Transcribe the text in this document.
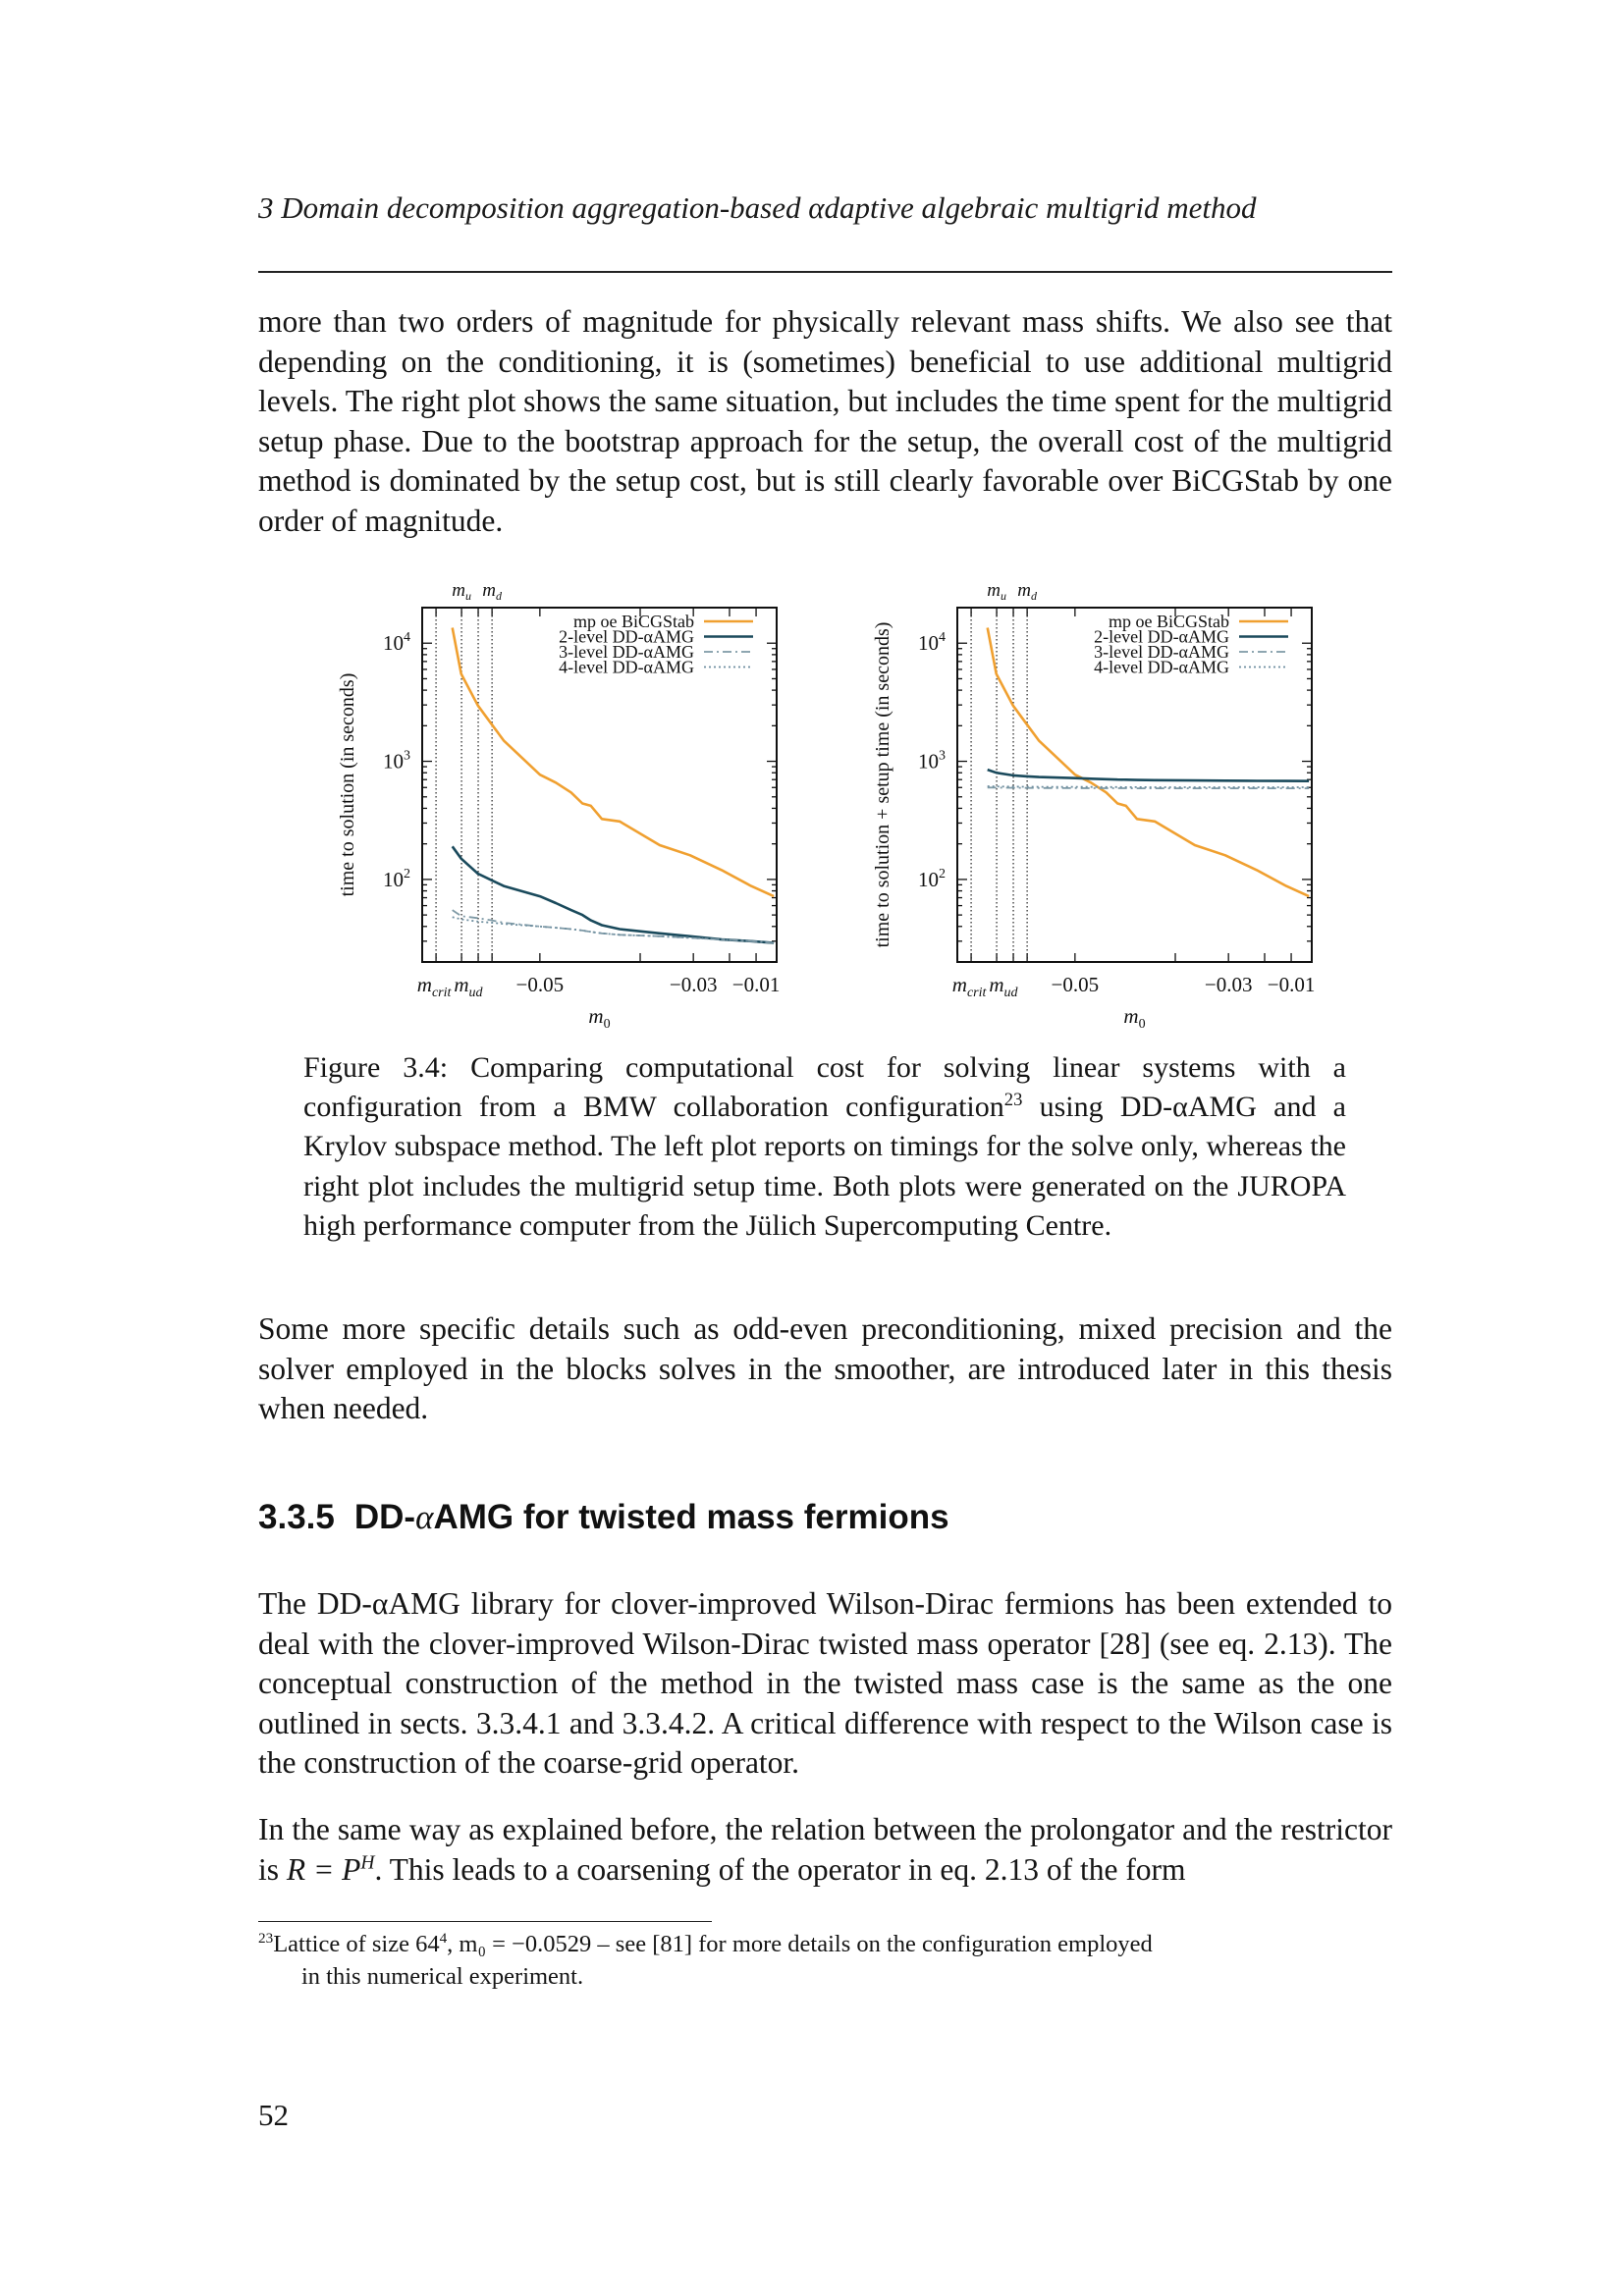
3 Domain decomposition aggregation-based αdaptive algebraic multigrid method

more than two orders of magnitude for physically relevant mass shifts. We also see that depending on the conditioning, it is (sometimes) beneficial to use additional multigrid levels. The right plot shows the same situation, but includes the time spent for the multigrid setup phase. Due to the bootstrap approach for the setup, the overall cost of the multigrid method is dominated by the setup cost, but is still clearly favorable over BiCGStab by one order of magnitude.

$10^2$
$10^3$
$10^4$
$m_{crit}$ $m_{ud} -0.05$	−0.03 −0.01
$m_u$ $m_d$
$m_0$
time to solution (in seconds)
mp oe BiCGStab
2-level DD-αAMG
3-level DD-αAMG
4-level DD-αAMG
$10^2$
$10^3$
$10^4$
$m_{crit}$ $m_{ud} -0.05$	−0.03 −0.01
$m_u$ $m_d$
$m_0$
time to solution + setup time (in seconds)
mp oe BiCGStab
2-level DD-αAMG
3-level DD-αAMG
4-level DD-αAMG
Figure 3.4: Comparing computational cost for solving linear systems with a configuration from a BMW collaboration configuration$^{23}$ using DD-αAMG and a Krylov subspace method. The left plot reports on timings for the solve only, whereas the right plot includes the multigrid setup time. Both plots were generated on the JUROPA high performance computer from the Jülich Supercomputing Centre.

Some more specific details such as odd-even preconditioning, mixed precision and the solver employed in the blocks solves in the smoother, are introduced later in this thesis when needed.

3.3.5 DD-αAMG for twisted mass fermions

The DD-αAMG library for clover-improved Wilson-Dirac fermions has been extended to deal with the clover-improved Wilson-Dirac twisted mass operator [28] (see eq. 2.13). The conceptual construction of the method in the twisted mass case is the same as the one outlined in sects. 3.3.4.1 and 3.3.4.2. A critical difference with respect to the Wilson case is the construction of the coarse-grid operator.

In the same way as explained before, the relation between the prolongator and the restrictor is $R = P^H$. This leads to a coarsening of the operator in eq. 2.13 of the form

$^{23}$Lattice of size $64^4$, m₀ = −0.0529 – see [81] for more details on the configuration employed
in this numerical experiment.
52
